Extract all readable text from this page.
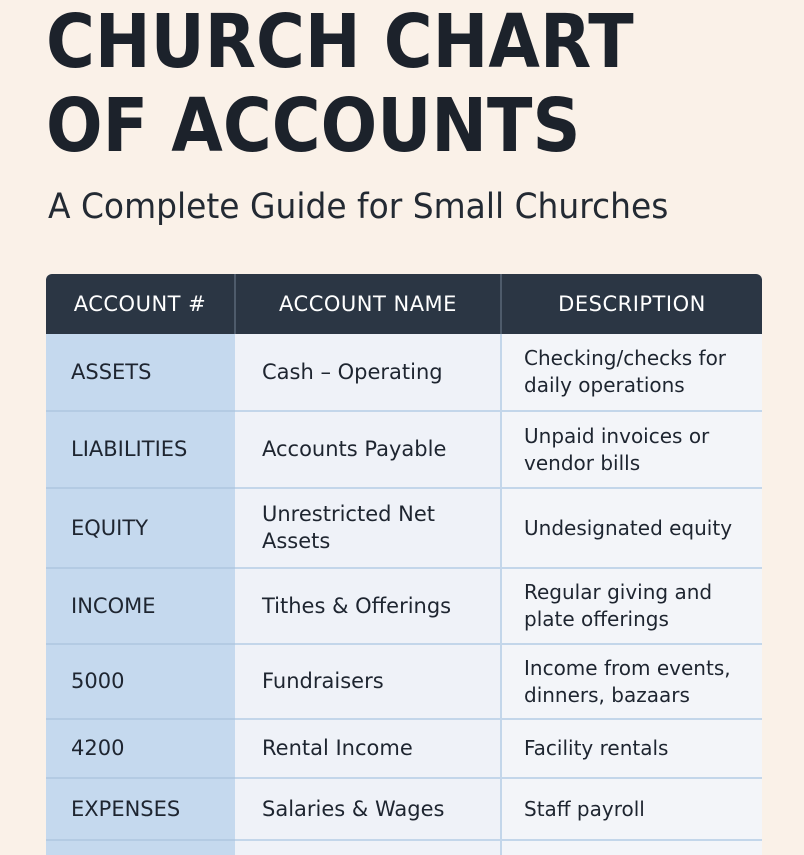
CHURCH CHART
OF ACCOUNTS

A Complete Guide for Small Churches

ACCOUNT #	ACCOUNT NAME	DESCRIPTION
ASSETS	Cash – Operating	Checking/checks for daily operations
LIABILITIES	Accounts Payable	Unpaid invoices or vendor bills
EQUITY	Unrestricted Net Assets	Undesignated equity
INCOME	Tithes & Offerings	Regular giving and plate offerings
5000	Fundraisers	Income from events, dinners, bazaars
4200	Rental Income	Facility rentals
EXPENSES	Salaries & Wages	Staff payroll
